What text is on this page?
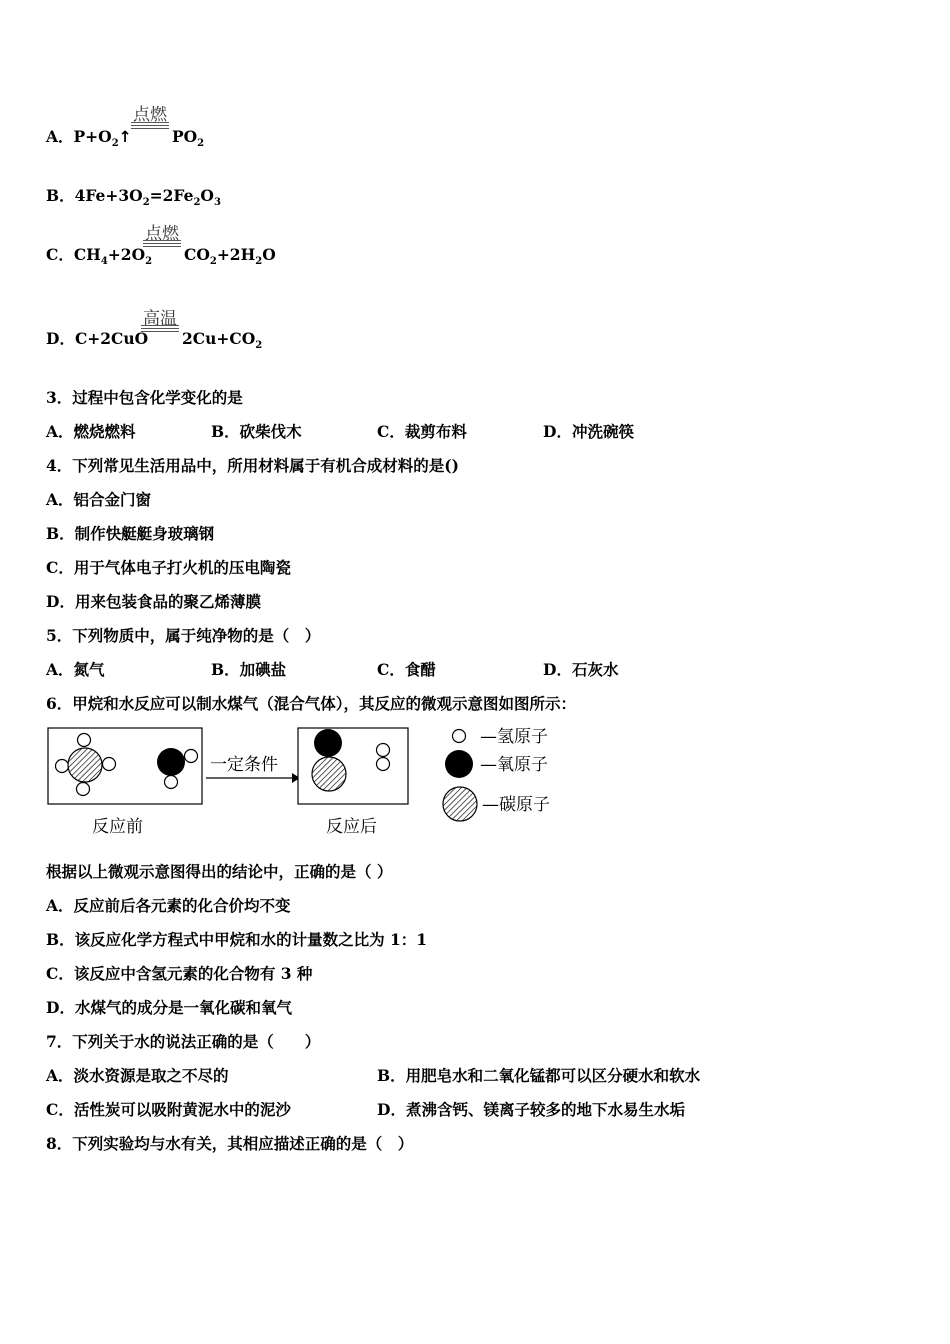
点燃
A．$P+O_2↑$	$PO_2$
B．$4Fe+3O_2=2Fe_2O_3$
点燃
C．$CH_4+2O_2$ $CO_2+2H_2O$
高温
D．C+2CuO $2Cu+CO_2$
3．过程中包含化学变化的是
A．燃烧燃料	B．砍柴伐木	C．裁剪布料	D．冲洗碗筷
4．下列常见生活用品中，所用材料属于有机合成材料的是()
A．铝合金门窗
B．制作快艇艇身玻璃钢
C．用于气体电子打火机的压电陶瓷
D．用来包装食品的聚乙烯薄膜
5．下列物质中，属于纯净物的是（　）
A．氮气	B．加碘盐	C．食醋	D．石灰水
6．甲烷和水反应可以制水煤气（混合气体），其反应的微观示意图如图所示：
一定条件
反应前	反应后
—氢原子
—氧原子
—碳原子
根据以上微观示意图得出的结论中，正确的是（ ）
A．反应前后各元素的化合价均不变
B．该反应化学方程式中甲烷和水的计量数之比为 1：1
C．该反应中含氢元素的化合物有 3 种
D．水煤气的成分是一氧化碳和氧气
7．下列关于水的说法正确的是（　　）
A．淡水资源是取之不尽的	B．用肥皂水和二氧化锰都可以区分硬水和软水
C．活性炭可以吸附黄泥水中的泥沙	D．煮沸含钙、镁离子较多的地下水易生水垢
8．下列实验均与水有关，其相应描述正确的是（　）
